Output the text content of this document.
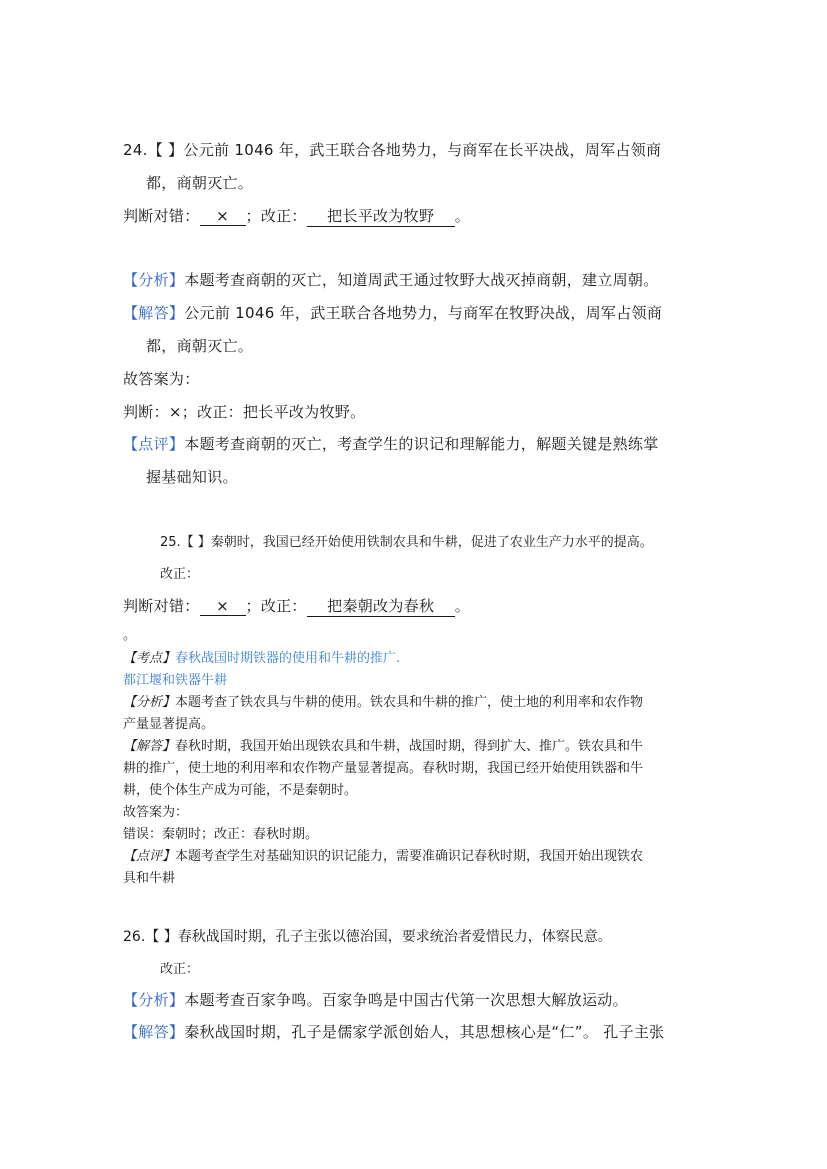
24.【 】公元前 1046 年，武王联合各地势力，与商军在长平决战，周军占领商
都，商朝灭亡。
判断对错： × ；改正： 把长平改为牧野 。
【分析】本题考查商朝的灭亡，知道周武王通过牧野大战灭掉商朝，建立周朝。
【解答】公元前 1046 年，武王联合各地势力，与商军在牧野决战，周军占领商
都，商朝灭亡。
故答案为：
判断：×；改正：把长平改为牧野。
【点评】本题考查商朝的灭亡，考查学生的识记和理解能力，解题关键是熟练掌
握基础知识。
25.【 】秦朝时，我国已经开始使用铁制农具和牛耕，促进了农业生产力水平的提高。
改正：
判断对错： × ；改正： 把秦朝改为春秋 。
。
【考点】春秋战国时期铁器的使用和牛耕的推广.
都江堰和铁器牛耕
【分析】本题考查了铁农具与牛耕的使用。铁农具和牛耕的推广，使土地的利用率和农作物
产量显著提高。
【解答】春秋时期，我国开始出现铁农具和牛耕，战国时期，得到扩大、推广。铁农具和牛
耕的推广，使土地的利用率和农作物产量显著提高。春秋时期，我国已经开始使用铁器和牛
耕，使个体生产成为可能，不是秦朝时。
故答案为：
错误：秦朝时；改正：春秋时期。
【点评】本题考查学生对基础知识的识记能力，需要准确识记春秋时期，我国开始出现铁农
具和牛耕
26.【 】春秋战国时期，孔子主张以德治国，要求统治者爱惜民力，体察民意。
改正：
【分析】本题考查百家争鸣。百家争鸣是中国古代第一次思想大解放运动。
【解答】秦秋战国时期，孔子是儒家学派创始人，其思想核心是“仁”。 孔子主张
